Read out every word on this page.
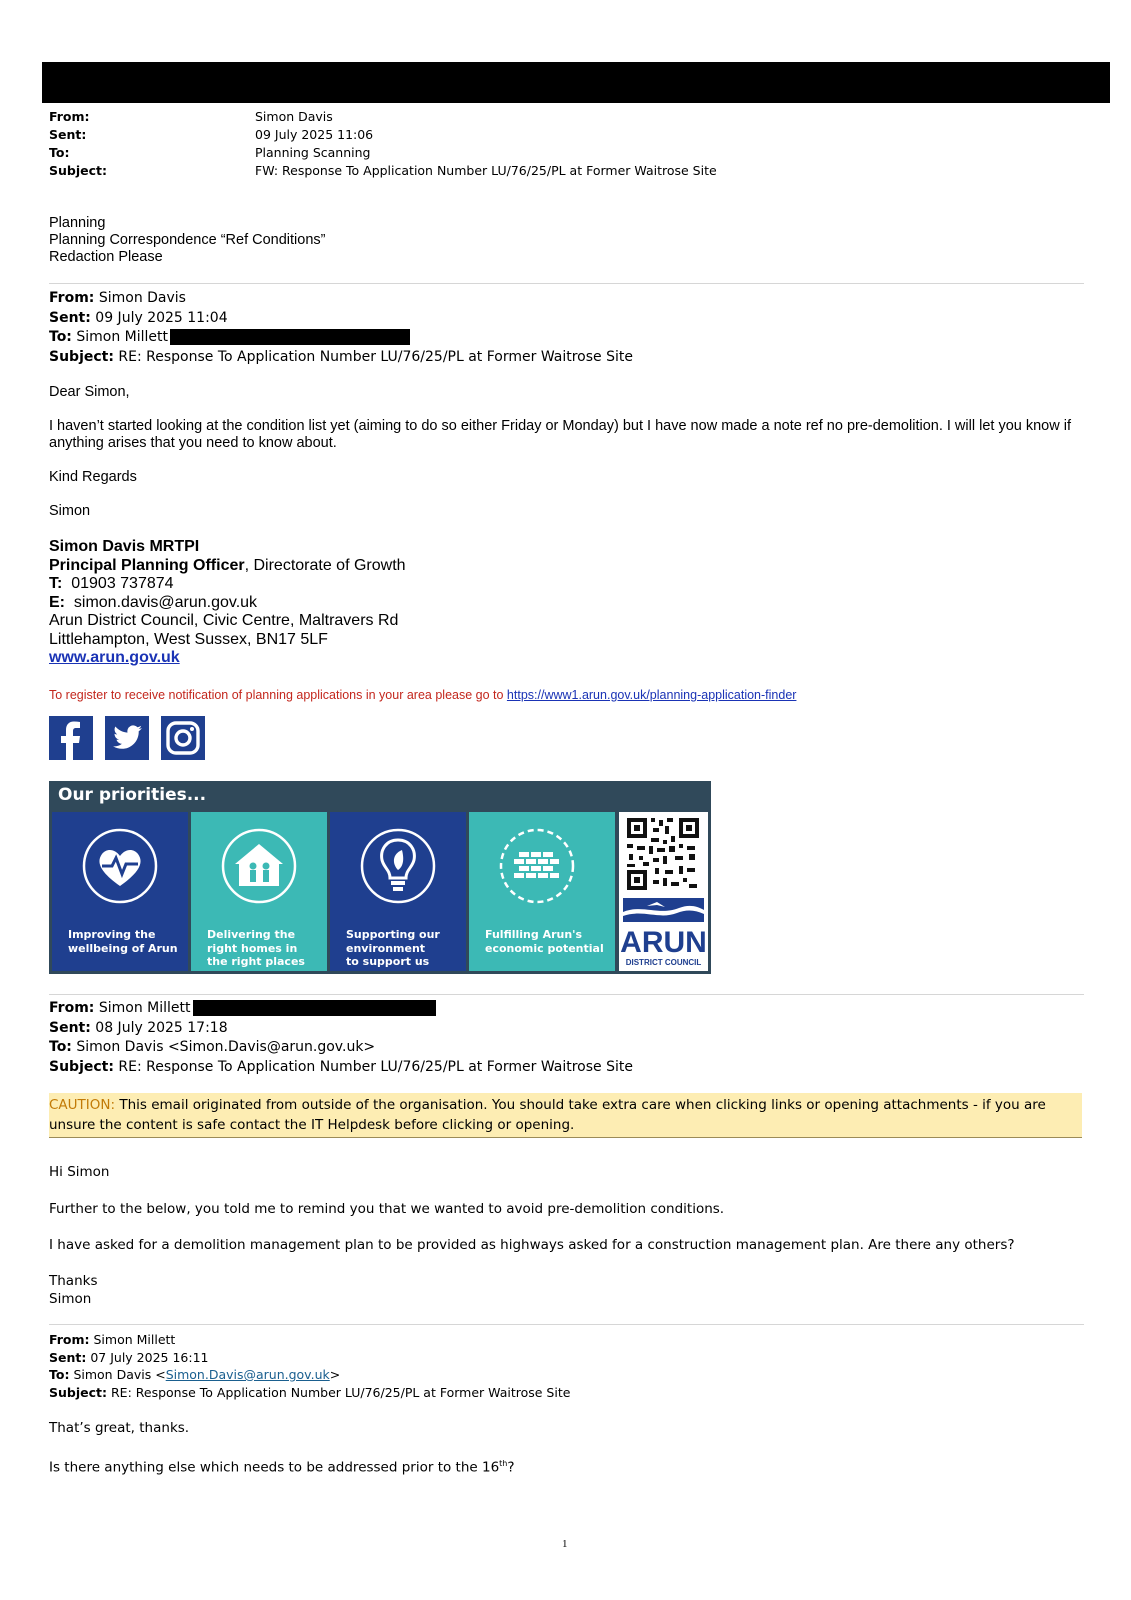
From:	Simon Davis
Sent:	09 July 2025 11:06
To:	Planning Scanning
Subject:	FW: Response To Application Number LU/76/25/PL at Former Waitrose Site
Planning
Planning Correspondence “Ref Conditions”
Redaction Please
From: Simon Davis
Sent: 09 July 2025 11:04
To: Simon Millett
Subject: RE: Response To Application Number LU/76/25/PL at Former Waitrose Site
Dear Simon,
I haven’t started looking at the condition list yet (aiming to do so either Friday or Monday) but I have now made a note ref no pre-demolition. I will let you know if anything arises that you need to know about.
Kind Regards
Simon
Simon Davis MRTPI
Principal Planning Officer, Directorate of Growth
T: 01903 737874
E: simon.davis@arun.gov.uk
Arun District Council, Civic Centre, Maltravers Rd
Littlehampton, West Sussex, BN17 5LF
www.arun.gov.uk
To register to receive notification of planning applications in your area please go to https://www1.arun.gov.uk/planning-application-finder
Our priorities...
Improving the
wellbeing of Arun
Delivering the
right homes in
the right places
Supporting our
environment
to support us
Fulfilling Arun's
economic potential ARUN
DISTRICT COUNCIL
From: Simon Millett
Sent: 08 July 2025 17:18
To: Simon Davis <Simon.Davis@arun.gov.uk>
Subject: RE: Response To Application Number LU/76/25/PL at Former Waitrose Site
CAUTION: This email originated from outside of the organisation. You should take extra care when clicking links or opening attachments - if you are unsure the content is safe contact the IT Helpdesk before clicking or opening.
Hi Simon
Further to the below, you told me to remind you that we wanted to avoid pre-demolition conditions.
I have asked for a demolition management plan to be provided as highways asked for a construction management plan. Are there any others?
Thanks
Simon
From: Simon Millett
Sent: 07 July 2025 16:11
To: Simon Davis <Simon.Davis@arun.gov.uk>
Subject: RE: Response To Application Number LU/76/25/PL at Former Waitrose Site
That’s great, thanks.
Is there anything else which needs to be addressed prior to the 16th?
1
